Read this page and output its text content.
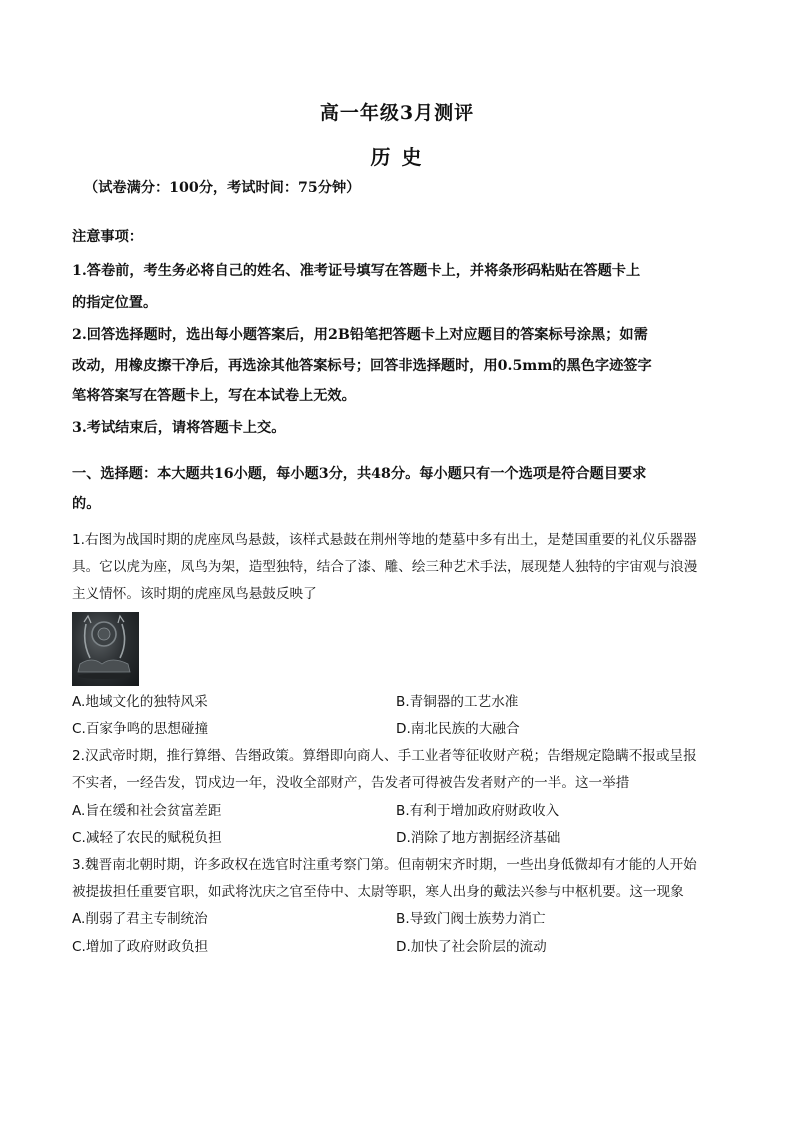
高一年级3月测评
历 史
（试卷满分：100分，考试时间：75分钟）
注意事项：
1.答卷前，考生务必将自己的姓名、准考证号填写在答题卡上，并将条形码粘贴在答题卡上
的指定位置。
2.回答选择题时，选出每小题答案后，用2B铅笔把答题卡上对应题目的答案标号涂黑；如需
改动，用橡皮擦干净后，再选涂其他答案标号；回答非选择题时，用0.5mm的黑色字迹签字
笔将答案写在答题卡上，写在本试卷上无效。
3.考试结束后，请将答题卡上交。
一、选择题：本大题共16小题，每小题3分，共48分。每小题只有一个选项是符合题目要求
的。
1.右图为战国时期的虎座凤鸟悬鼓，该样式悬鼓在荆州等地的楚墓中多有出土，是楚国重要的礼仪乐器器
具。它以虎为座，凤鸟为架，造型独特，结合了漆、雕、绘三种艺术手法，展现楚人独特的宇宙观与浪漫
主义情怀。该时期的虎座凤鸟悬鼓反映了
A.地域文化的独特风采	B.青铜器的工艺水准
C.百家争鸣的思想碰撞	D.南北民族的大融合
2.汉武帝时期，推行算缗、告缗政策。算缗即向商人、手工业者等征收财产税；告缗规定隐瞒不报或呈报
不实者，一经告发，罚戍边一年，没收全部财产，告发者可得被告发者财产的一半。这一举措
A.旨在缓和社会贫富差距	B.有利于增加政府财政收入
C.减轻了农民的赋税负担	D.消除了地方割据经济基础
3.魏晋南北朝时期，许多政权在选官时注重考察门第。但南朝宋齐时期，一些出身低微却有才能的人开始
被提拔担任重要官职，如武将沈庆之官至侍中、太尉等职，寒人出身的戴法兴参与中枢机要。这一现象
A.削弱了君主专制统治	B.导致门阀士族势力消亡
C.增加了政府财政负担	D.加快了社会阶层的流动
